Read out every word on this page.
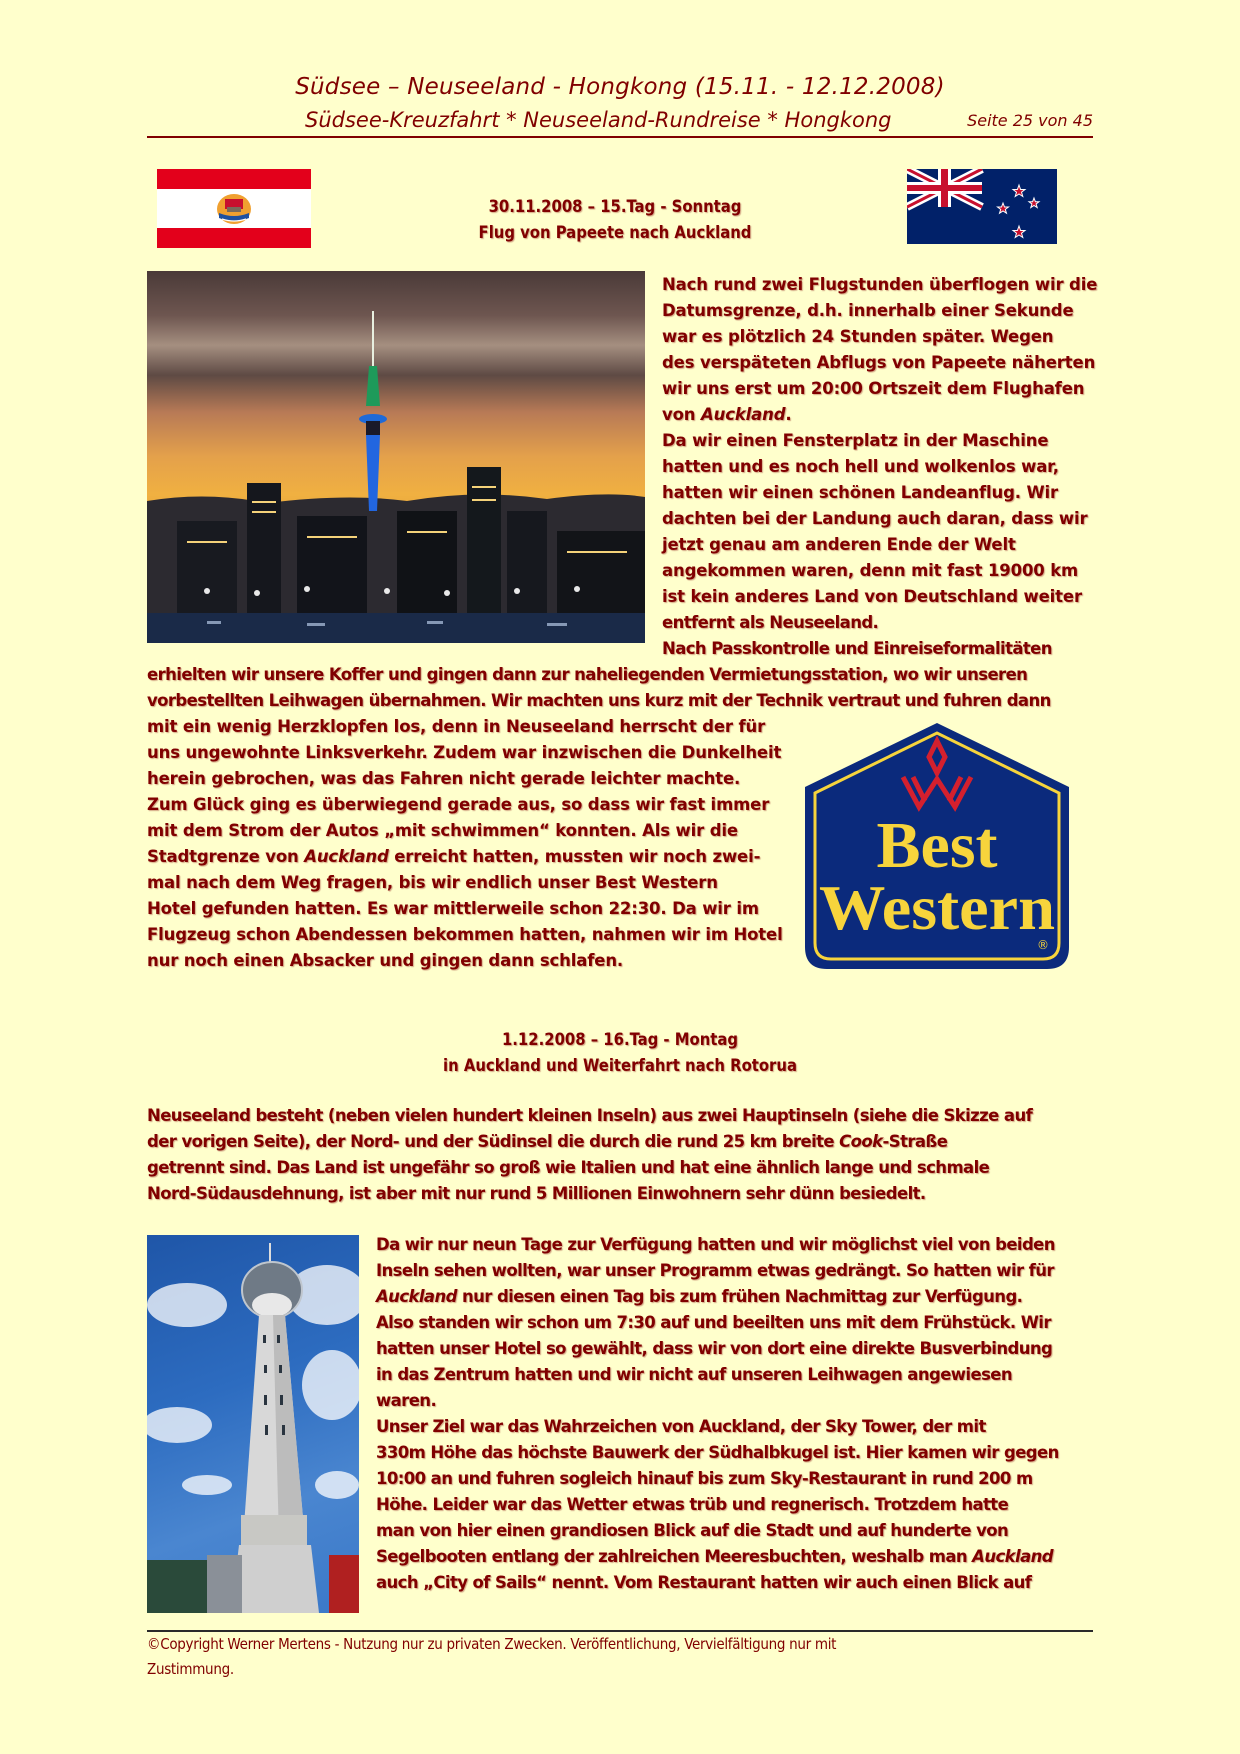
Südsee – Neuseeland - Hongkong (15.11. - 12.12.2008)
Südsee-Kreuzfahrt * Neuseeland-Rundreise * Hongkong	Seite 25 von 45
30.11.2008 – 15.Tag - Sonntag
Flug von Papeete nach Auckland
Nach rund zwei Flugstunden überflogen wir die
Datumsgrenze, d.h. innerhalb einer Sekunde
war es plötzlich 24 Stunden später. Wegen
des verspäteten Abflugs von Papeete näherten
wir uns erst um 20:00 Ortszeit dem Flughafen
von Auckland.
Da wir einen Fensterplatz in der Maschine
hatten und es noch hell und wolkenlos war,
hatten wir einen schönen Landeanflug. Wir
dachten bei der Landung auch daran, dass wir
jetzt genau am anderen Ende der Welt
angekommen waren, denn mit fast 19000 km
ist kein anderes Land von Deutschland weiter
entfernt als Neuseeland.
Nach Passkontrolle und Einreiseformalitäten
erhielten wir unsere Koffer und gingen dann zur naheliegenden Vermietungsstation, wo wir unseren
vorbestellten Leihwagen übernahmen. Wir machten uns kurz mit der Technik vertraut und fuhren dann
mit ein wenig Herzklopfen los, denn in Neuseeland herrscht der für
uns ungewohnte Linksverkehr. Zudem war inzwischen die Dunkelheit
herein gebrochen, was das Fahren nicht gerade leichter machte.
Zum Glück ging es überwiegend gerade aus, so dass wir fast immer
mit dem Strom der Autos „mit schwimmen“ konnten. Als wir die
Stadtgrenze von Auckland erreicht hatten, mussten wir noch zwei-
mal nach dem Weg fragen, bis wir endlich unser Best Western
Hotel gefunden hatten. Es war mittlerweile schon 22:30. Da wir im
Flugzeug schon Abendessen bekommen hatten, nahmen wir im Hotel
nur noch einen Absacker und gingen dann schlafen.
Best
Western
®
1.12.2008 – 16.Tag - Montag
in Auckland und Weiterfahrt nach Rotorua
Neuseeland besteht (neben vielen hundert kleinen Inseln) aus zwei Hauptinseln (siehe die Skizze auf
der vorigen Seite), der Nord- und der Südinsel die durch die rund 25 km breite Cook-Straße
getrennt sind. Das Land ist ungefähr so groß wie Italien und hat eine ähnlich lange und schmale
Nord-Südausdehnung, ist aber mit nur rund 5 Millionen Einwohnern sehr dünn besiedelt.
Da wir nur neun Tage zur Verfügung hatten und wir möglichst viel von beiden
Inseln sehen wollten, war unser Programm etwas gedrängt. So hatten wir für
Auckland nur diesen einen Tag bis zum frühen Nachmittag zur Verfügung.
Also standen wir schon um 7:30 auf und beeilten uns mit dem Frühstück. Wir
hatten unser Hotel so gewählt, dass wir von dort eine direkte Busverbindung
in das Zentrum hatten und wir nicht auf unseren Leihwagen angewiesen
waren.
Unser Ziel war das Wahrzeichen von Auckland, der Sky Tower, der mit
330m Höhe das höchste Bauwerk der Südhalbkugel ist. Hier kamen wir gegen
10:00 an und fuhren sogleich hinauf bis zum Sky-Restaurant in rund 200 m
Höhe. Leider war das Wetter etwas trüb und regnerisch. Trotzdem hatte
man von hier einen grandiosen Blick auf die Stadt und auf hunderte von
Segelbooten entlang der zahlreichen Meeresbuchten, weshalb man Auckland
auch „City of Sails“ nennt. Vom Restaurant hatten wir auch einen Blick auf
©Copyright Werner Mertens - Nutzung nur zu privaten Zwecken. Veröffentlichung, Vervielfältigung nur mit
Zustimmung.
